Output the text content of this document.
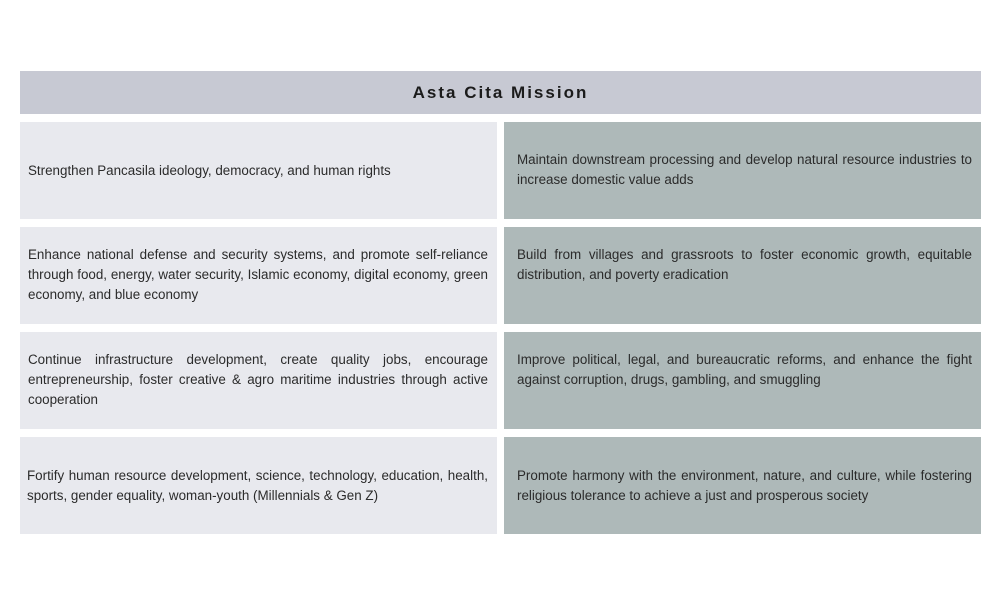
Asta Cita Mission
Strengthen Pancasila ideology, democracy, and human rights
Maintain downstream processing and develop natural resource industries to increase domestic value adds
Enhance national defense and security systems, and promote self-reliance through food, energy, water security, Islamic economy, digital economy, green economy, and blue economy
Build from villages and grassroots to foster economic growth, equitable distribution, and poverty eradication
Continue infrastructure development, create quality jobs, encourage entrepreneurship, foster creative & agro maritime industries through active cooperation
Improve political, legal, and bureaucratic reforms, and enhance the fight against corruption, drugs, gambling, and smuggling
Fortify human resource development, science, technology, education, health, sports, gender equality, woman-youth (Millennials & Gen Z)
Promote harmony with the environment, nature, and culture, while fostering religious tolerance to achieve a just and prosperous society
